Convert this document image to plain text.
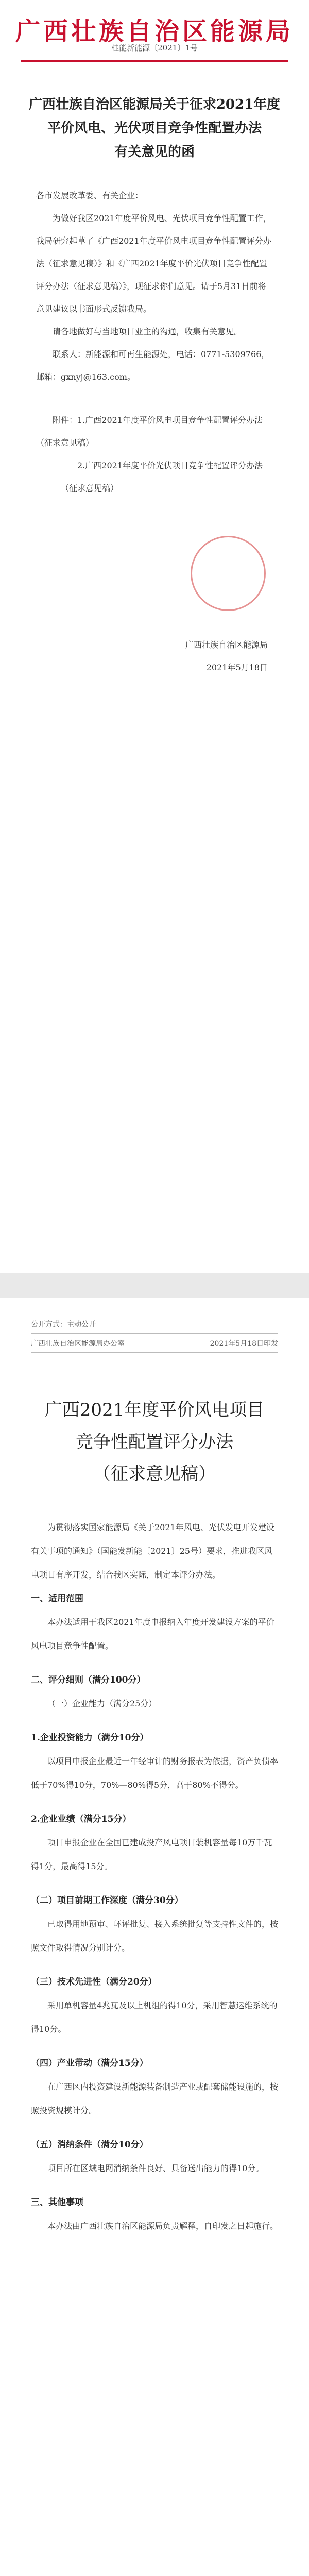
广西壮族自治区能源局
桂能新能源〔2021〕1号
广西壮族自治区能源局关于征求2021年度
平价风电、光伏项目竞争性配置办法
有关意见的函
各市发展改革委、有关企业：
为做好我区2021年度平价风电、光伏项目竞争性配置工作，我局研究起草了《广西2021年度平价风电项目竞争性配置评分办法（征求意见稿）》和《广西2021年度平价光伏项目竞争性配置评分办法（征求意见稿）》，现征求你们意见。请于5月31日前将意见建议以书面形式反馈我局。
请各地做好与当地项目业主的沟通，收集有关意见。
联系人：新能源和可再生能源处，电话：0771-5309766，邮箱：gxnyj@163.com。
附件：1.广西2021年度平价风电项目竞争性配置评分办法（征求意见稿）
2.广西2021年度平价光伏项目竞争性配置评分办法（征求意见稿）
广西壮族自治区能源局
2021年5月18日
公开方式：主动公开
广西壮族自治区能源局办公室	2021年5月18日印发
广西2021年度平价风电项目
竞争性配置评分办法
（征求意见稿）
为贯彻落实国家能源局《关于2021年风电、光伏发电开发建设有关事项的通知》（国能发新能〔2021〕25号）要求，推进我区风电项目有序开发，结合我区实际，制定本评分办法。
一、适用范围
本办法适用于我区2021年度申报纳入年度开发建设方案的平价风电项目竞争性配置。
二、评分细则（满分100分）
（一）企业能力（满分25分）
1.企业投资能力（满分10分）
以项目申报企业最近一年经审计的财务报表为依据，资产负债率低于70%得10分，70%—80%得5分，高于80%不得分。
2.企业业绩（满分15分）
项目申报企业在全国已建成投产风电项目装机容量每10万千瓦得1分，最高得15分。
（二）项目前期工作深度（满分30分）
已取得用地预审、环评批复、接入系统批复等支持性文件的，按照文件取得情况分别计分。
（三）技术先进性（满分20分）
采用单机容量4兆瓦及以上机组的得10分，采用智慧运维系统的得10分。
（四）产业带动（满分15分）
在广西区内投资建设新能源装备制造产业或配套储能设施的，按照投资规模计分。
（五）消纳条件（满分10分）
项目所在区域电网消纳条件良好、具备送出能力的得10分。
三、其他事项
本办法由广西壮族自治区能源局负责解释，自印发之日起施行。
